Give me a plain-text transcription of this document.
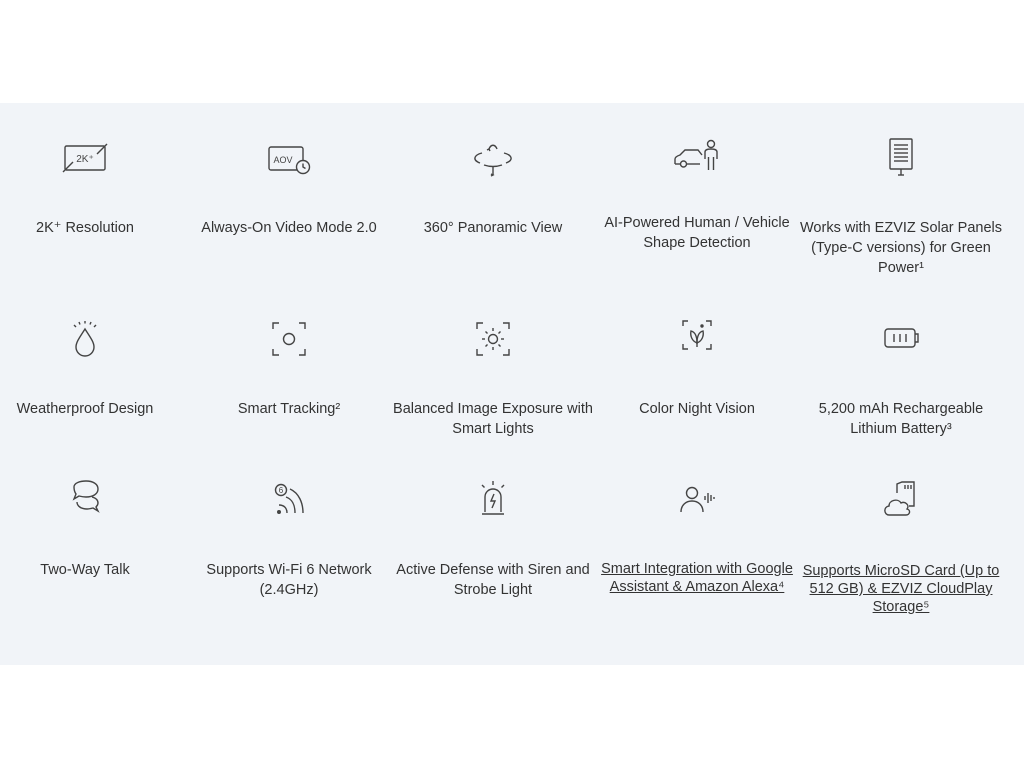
2K⁺
2K⁺ Resolution
AOV
Always-On Video Mode 2.0	360° Panoramic View	AI-Powered Human / Vehicle Shape Detection
Works with EZVIZ Solar Panels (Type-C versions) for Green Power¹
Weatherproof Design	Smart Tracking²	Balanced Image Exposure with Smart Lights
Color Night Vision	5,200 mAh Rechargeable Lithium Battery³
Two-Way Talk
6
Supports Wi-Fi 6 Network (2.4GHz)
Active Defense with Siren and Strobe Light
Smart Integration with Google Assistant & Amazon Alexa⁴
Supports MicroSD Card (Up to 512 GB) & EZVIZ CloudPlay Storage⁵
